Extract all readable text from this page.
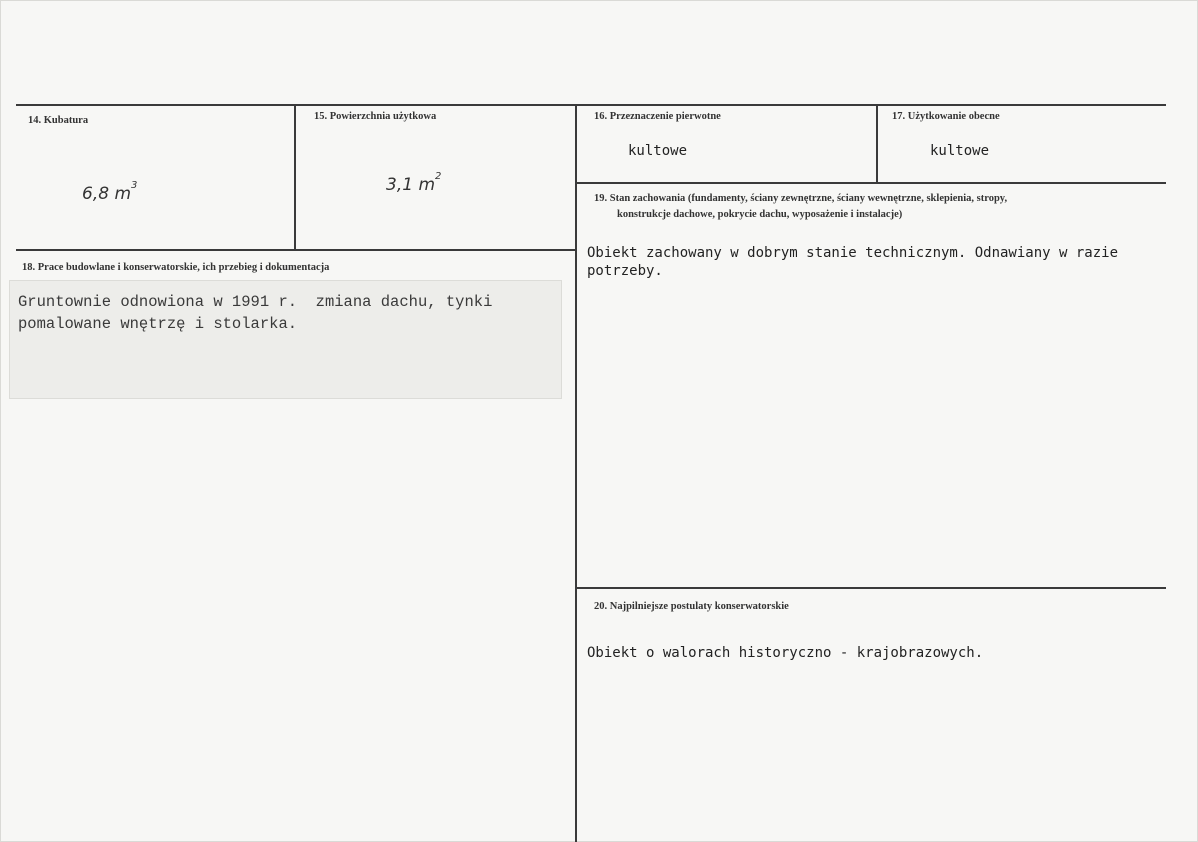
14. Kubatura
6,8 $m^3$
15. Powierzchnia użytkowa
3,1 $m^2$
16. Przeznaczenie pierwotne
kultowe
17. Użytkowanie obecne
kultowe
18. Prace budowlane i konserwatorskie, ich przebieg i dokumentacja
Gruntownie odnowiona w 1991 r.  zmiana dachu, tynki
pomalowane wnętrzę i stolarka.
19. Stan zachowania (fundamenty, ściany zewnętrzne, ściany wewnętrzne, sklepienia, stropy,
konstrukcje dachowe, pokrycie dachu, wyposażenie i instalacje)
Obiekt zachowany w dobrym stanie technicznym. Odnawiany w razie
potrzeby.
20. Najpilniejsze postulaty konserwatorskie
Obiekt o walorach historyczno - krajobrazowych.
